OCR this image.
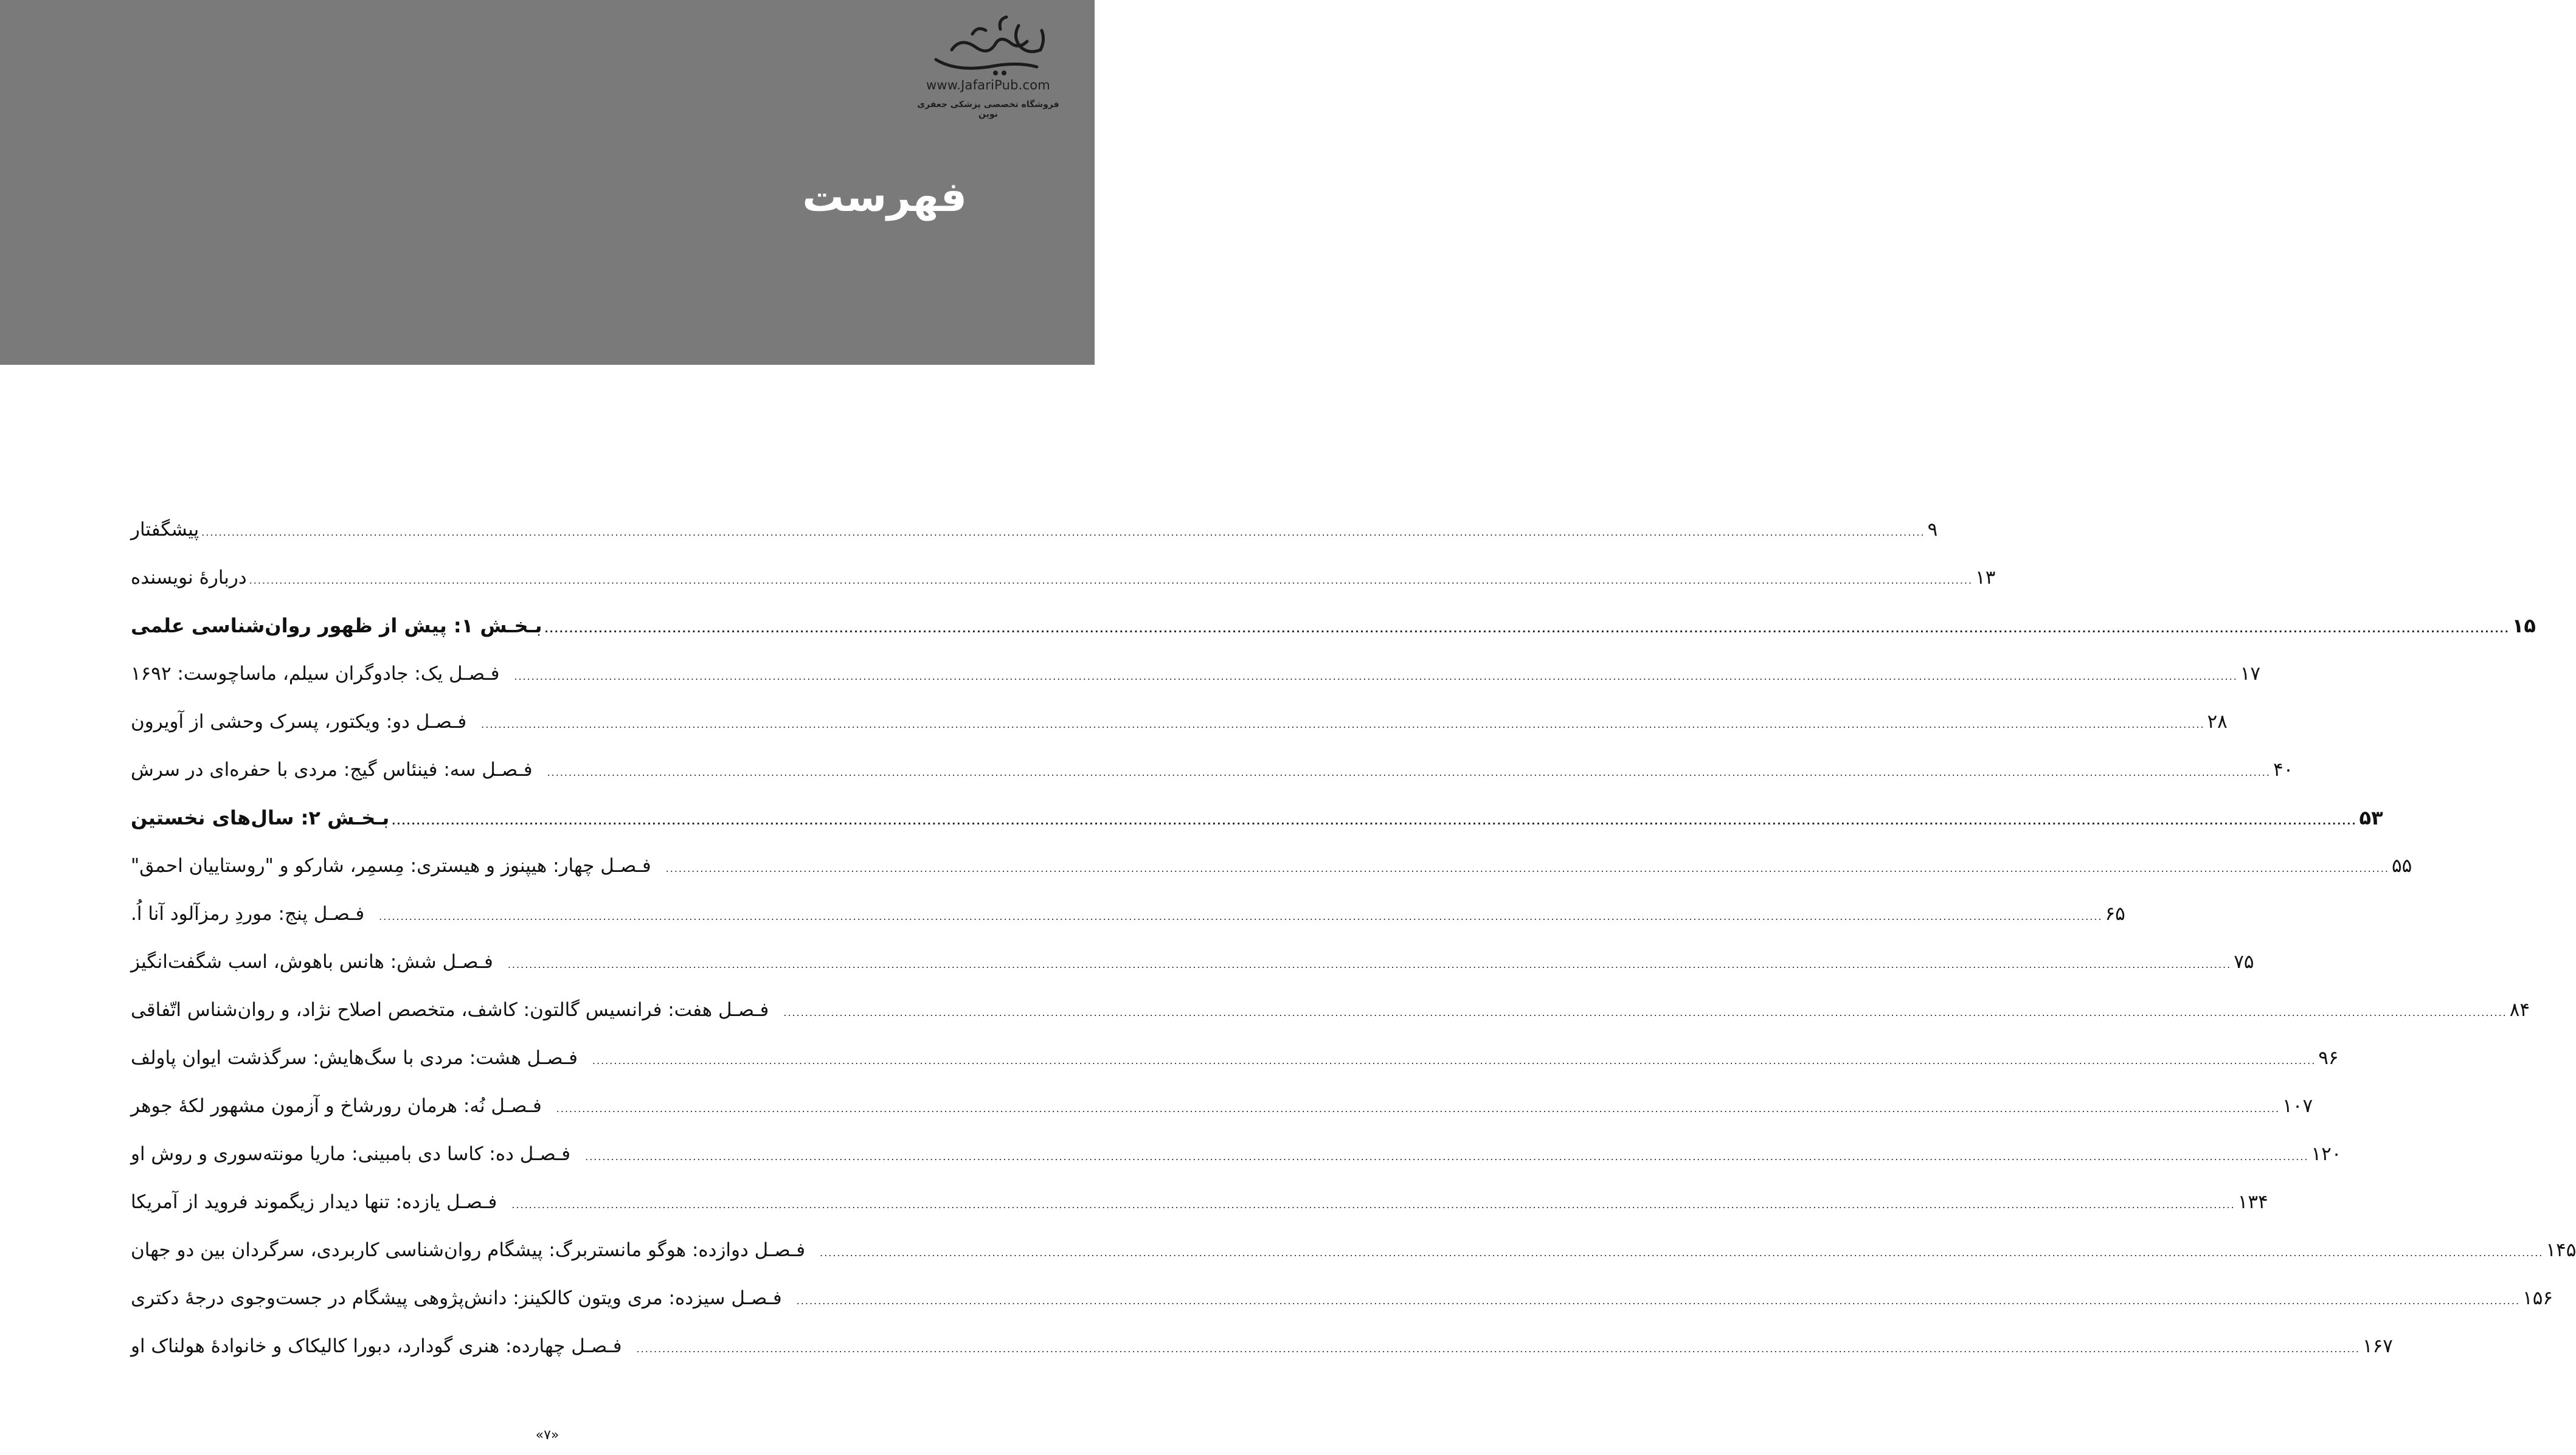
www.JafariPub.com
فروشگاه تخصصی پزشکی جعفری نوین
فهرست
پیشگفتار ................................................................................................................................................................................................................................................................................................................................................................................................................ ۹
دربارهٔ نویسنده ................................................................................................................................................................................................................................................................................................................................................................................................................ ۱۳
بـخـش ۱: پیش از ظهور روان‌شناسی علمی ................................................................................................................................................................................................................................................................................................................................................................................................................ ۱۵
فـصـل یک: جادوگران سیلم، ماساچوست: ۱۶۹۲	................................................................................................................................................................................................................................................................................................................................................................................................................ ۱۷
فـصـل دو: ویکتور، پسرک وحشی از آویرون	................................................................................................................................................................................................................................................................................................................................................................................................................ ۲۸
فـصـل سه: فینئاس گیج: مردی با حفره‌ای در سرش	................................................................................................................................................................................................................................................................................................................................................................................................................ ۴۰
بـخـش ۲: سال‌های نخستین ................................................................................................................................................................................................................................................................................................................................................................................................................ ۵۳
فـصـل چهار: هیپنوز و هیستری: مِسمِر، شارکو و "روستاییان احمق"	................................................................................................................................................................................................................................................................................................................................................................................................................ ۵۵
فـصـل پنج: موردِ رمزآلود آنا اُ.	................................................................................................................................................................................................................................................................................................................................................................................................................ ۶۵
فـصـل شش: هانس باهوش، اسب شگفت‌انگیز	................................................................................................................................................................................................................................................................................................................................................................................................................ ۷۵
فـصـل هفت: فرانسیس گالتون: کاشف، متخصص اصلاح نژاد، و روان‌شناس اتّفاقی	................................................................................................................................................................................................................................................................................................................................................................................................................ ۸۴
فـصـل هشت: مردی با سگ‌هایش: سرگذشت ایوان پاولف	................................................................................................................................................................................................................................................................................................................................................................................................................ ۹۶
فـصـل نُه: هرمان رورشاخ و آزمون مشهور لکهٔ جوهر	................................................................................................................................................................................................................................................................................................................................................................................................................ ۱۰۷
فـصـل ده: کاسا دی بامبینی: ماریا مونته‌سوری و روش او	................................................................................................................................................................................................................................................................................................................................................................................................................ ۱۲۰
فـصـل یازده: تنها دیدار زیگموند فروید از آمریکا	................................................................................................................................................................................................................................................................................................................................................................................................................ ۱۳۴
فـصـل دوازده: هوگو مانستربرگ: پیشگام روان‌شناسی کاربردی، سرگردان بین دو جهان	................................................................................................................................................................................................................................................................................................................................................................................................................ ۱۴۵
فـصـل سیزده: مری ویتون کالکینز: دانش‌پژوهی پیشگام در جست‌وجوی درجهٔ دکتری	................................................................................................................................................................................................................................................................................................................................................................................................................ ۱۵۶
فـصـل چهارده: هنری گودارد، دبورا کالیکاک و خانوادهٔ هولناک او	................................................................................................................................................................................................................................................................................................................................................................................................................ ۱۶۷
«۷»
